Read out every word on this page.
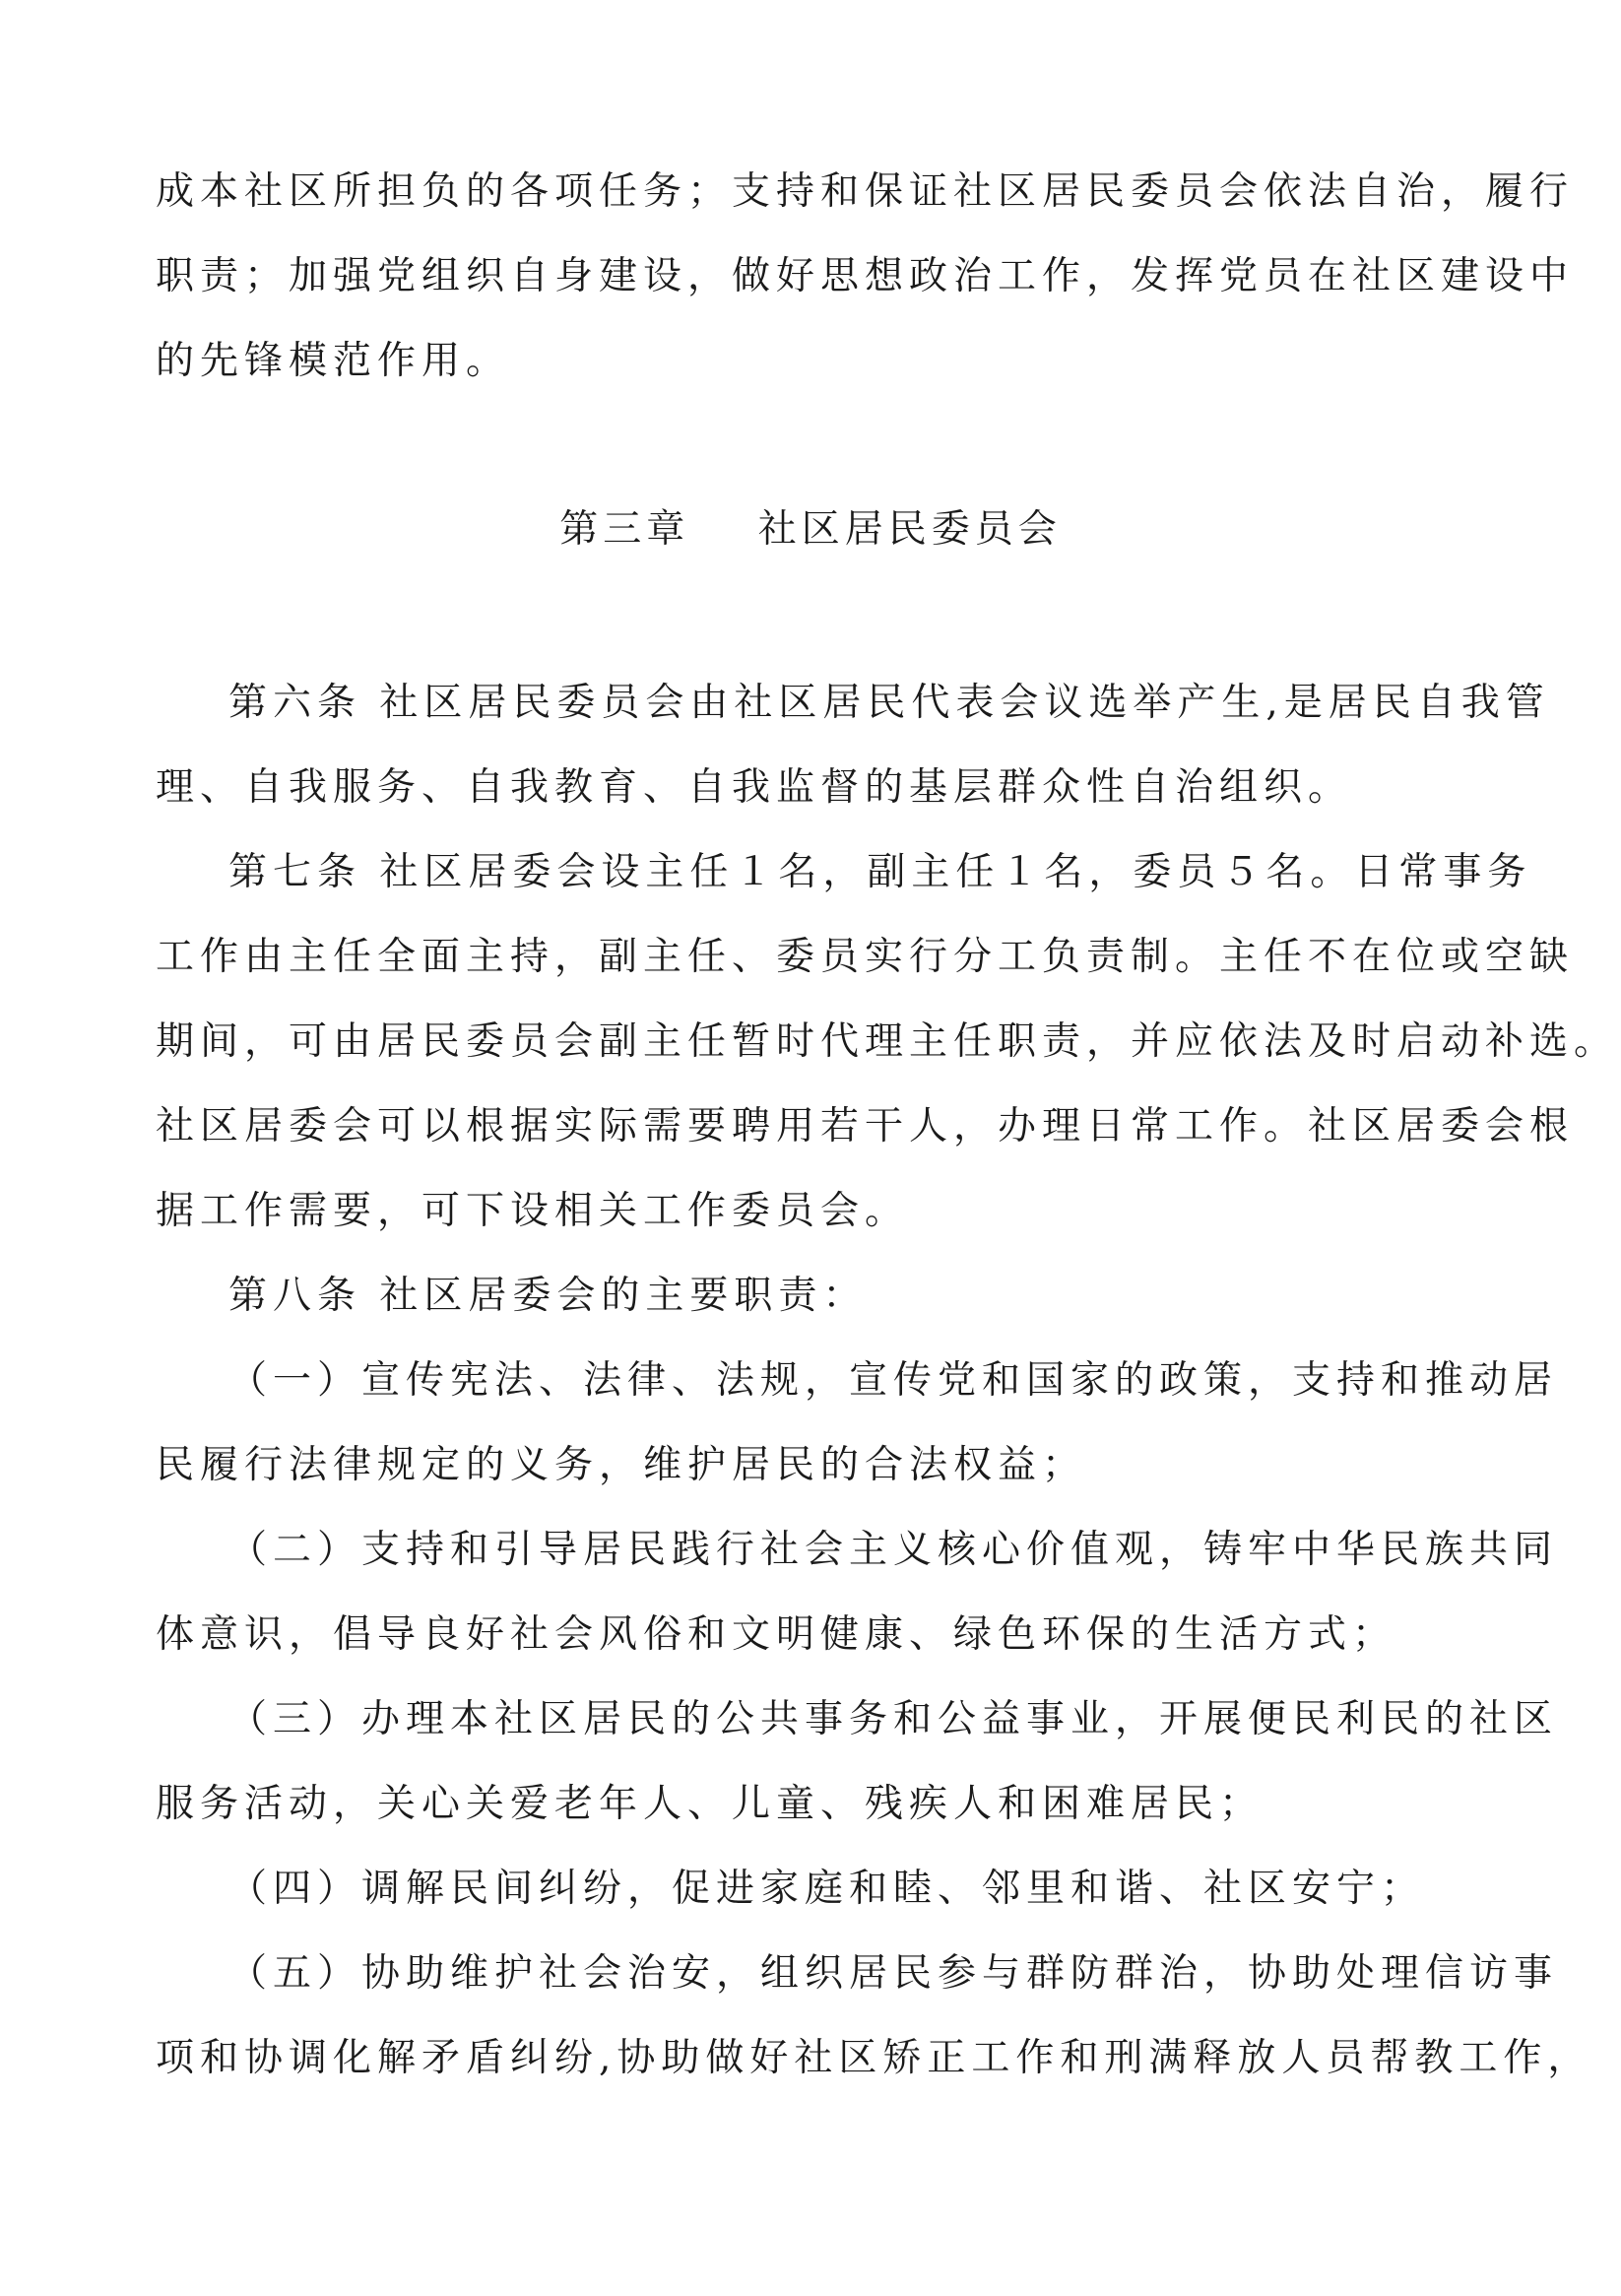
成本社区所担负的各项任务；支持和保证社区居民委员会依法自治，履行
职责；加强党组织自身建设，做好思想政治工作，发挥党员在社区建设中
的先锋模范作用。
第三章    社区居民委员会
第六条 社区居民委员会由社区居民代表会议选举产生,是居民自我管
理、自我服务、自我教育、自我监督的基层群众性自治组织。
第七条 社区居委会设主任１名，副主任１名，委员５名。日常事务
工作由主任全面主持，副主任、委员实行分工负责制。主任不在位或空缺
期间，可由居民委员会副主任暂时代理主任职责，并应依法及时启动补选。
社区居委会可以根据实际需要聘用若干人，办理日常工作。社区居委会根
据工作需要，可下设相关工作委员会。
第八条 社区居委会的主要职责：
（一）宣传宪法、法律、法规，宣传党和国家的政策，支持和推动居
民履行法律规定的义务，维护居民的合法权益；
（二）支持和引导居民践行社会主义核心价值观，铸牢中华民族共同
体意识，倡导良好社会风俗和文明健康、绿色环保的生活方式；
（三）办理本社区居民的公共事务和公益事业，开展便民利民的社区
服务活动，关心关爱老年人、儿童、残疾人和困难居民；
（四）调解民间纠纷，促进家庭和睦、邻里和谐、社区安宁；
（五）协助维护社会治安，组织居民参与群防群治，协助处理信访事
项和协调化解矛盾纠纷,协助做好社区矫正工作和刑满释放人员帮教工作，
